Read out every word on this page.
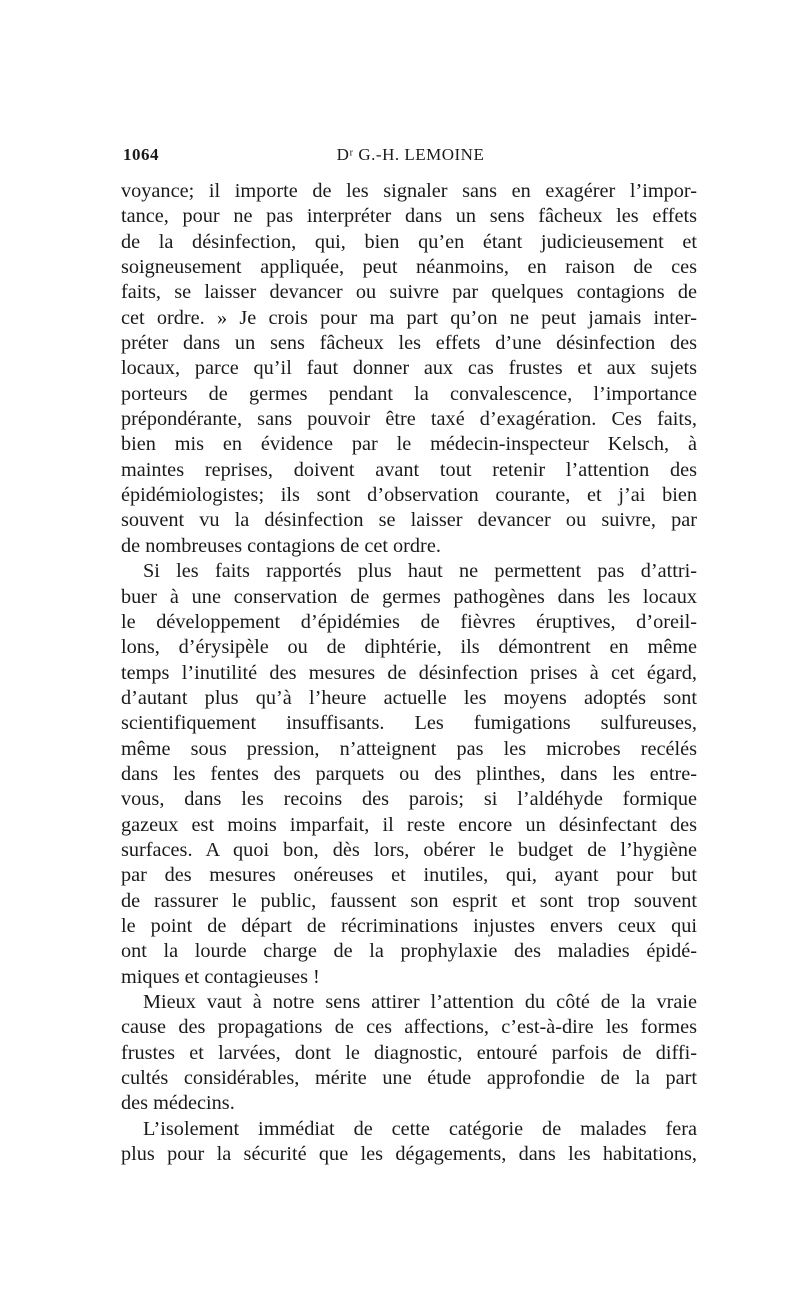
1064	Dʳ G.-H. LEMOINE
voyance; il importe de les signaler sans en exagérer l’impor-
tance, pour ne pas interpréter dans un sens fâcheux les effets
de la désinfection, qui, bien qu’en étant judicieusement et
soigneusement appliquée, peut néanmoins, en raison de ces
faits, se laisser devancer ou suivre par quelques contagions de
cet ordre. » Je crois pour ma part qu’on ne peut jamais inter-
préter dans un sens fâcheux les effets d’une désinfection des
locaux, parce qu’il faut donner aux cas frustes et aux sujets
porteurs de germes pendant la convalescence, l’importance
prépondérante, sans pouvoir être taxé d’exagération. Ces faits,
bien mis en évidence par le médecin-inspecteur Kelsch, à
maintes reprises, doivent avant tout retenir l’attention des
épidémiologistes; ils sont d’observation courante, et j’ai bien
souvent vu la désinfection se laisser devancer ou suivre, par
de nombreuses contagions de cet ordre.
Si les faits rapportés plus haut ne permettent pas d’attri-
buer à une conservation de germes pathogènes dans les locaux
le développement d’épidémies de fièvres éruptives, d’oreil-
lons, d’érysipèle ou de diphtérie, ils démontrent en même
temps l’inutilité des mesures de désinfection prises à cet égard,
d’autant plus qu’à l’heure actuelle les moyens adoptés sont
scientifiquement insuffisants. Les fumigations sulfureuses,
même sous pression, n’atteignent pas les microbes recélés
dans les fentes des parquets ou des plinthes, dans les entre-
vous, dans les recoins des parois; si l’aldéhyde formique
gazeux est moins imparfait, il reste encore un désinfectant des
surfaces. A quoi bon, dès lors, obérer le budget de l’hygiène
par des mesures onéreuses et inutiles, qui, ayant pour but
de rassurer le public, faussent son esprit et sont trop souvent
le point de départ de récriminations injustes envers ceux qui
ont la lourde charge de la prophylaxie des maladies épidé-
miques et contagieuses !
Mieux vaut à notre sens attirer l’attention du côté de la vraie
cause des propagations de ces affections, c’est-à-dire les formes
frustes et larvées, dont le diagnostic, entouré parfois de diffi-
cultés considérables, mérite une étude approfondie de la part
des médecins.
L’isolement immédiat de cette catégorie de malades fera
plus pour la sécurité que les dégagements, dans les habitations,
